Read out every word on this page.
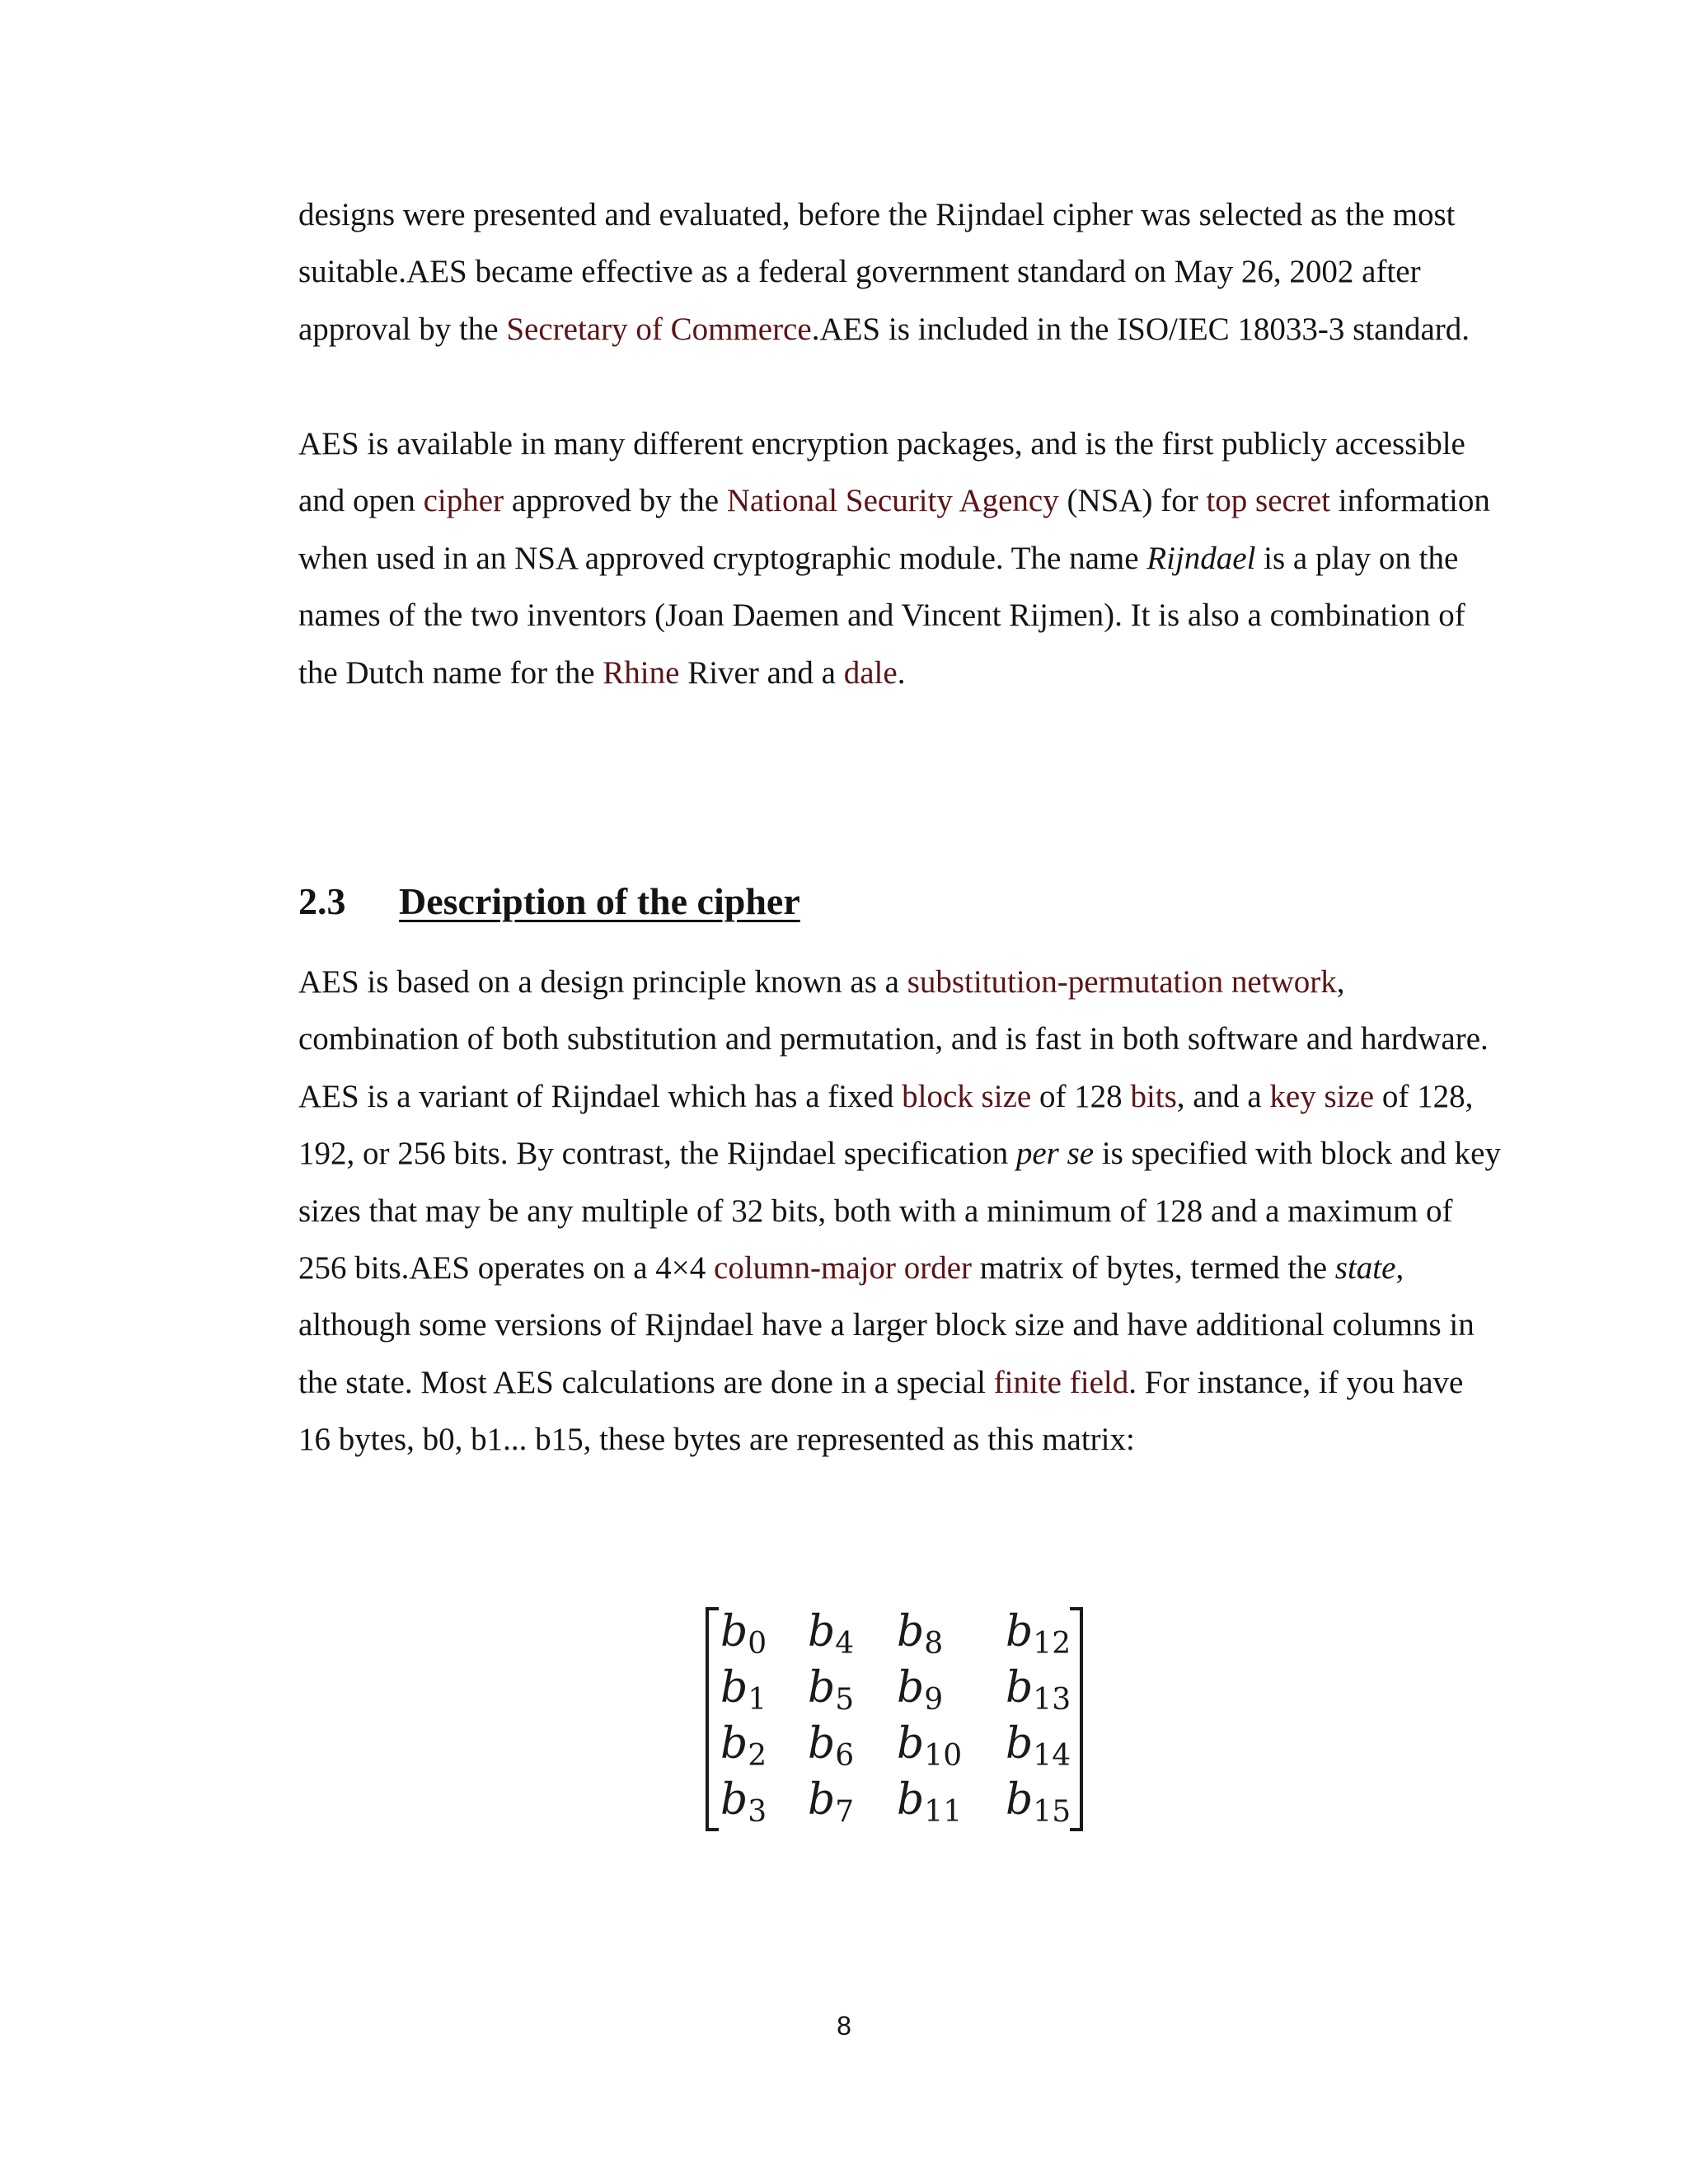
designs were presented and evaluated, before the Rijndael cipher was selected as the most suitable.AES became effective as a federal government standard on May 26, 2002 after approval by the Secretary of Commerce.AES is included in the ISO/IEC 18033-3 standard.

AES is available in many different encryption packages, and is the first publicly accessible and open cipher approved by the National Security Agency (NSA) for top secret information when used in an NSA approved cryptographic module. The name Rijndael is a play on the names of the two inventors (Joan Daemen and Vincent Rijmen). It is also a combination of the Dutch name for the Rhine River and a dale.

2.3 Description of the cipher

AES is based on a design principle known as a substitution-permutation network, combination of both substitution and permutation, and is fast in both software and hardware. AES is a variant of Rijndael which has a fixed block size of 128 bits, and a key size of 128, 192, or 256 bits. By contrast, the Rijndael specification per se is specified with block and key sizes that may be any multiple of 32 bits, both with a minimum of 128 and a maximum of 256 bits.AES operates on a 4×4 column-major order matrix of bytes, termed the state, although some versions of Rijndael have a larger block size and have additional columns in the state. Most AES calculations are done in a special finite field. For instance, if you have 16 bytes, b0, b1... b15, these bytes are represented as this matrix:

$b_0$ $b_4$ $b_8$ $b_{12}$
$b_1$ $b_5$ $b_9$ $b_{13}$
$b_2$ $b_6$ $b_{10}$ $b_{14}$
$b_3$ $b_7$ $b_{11}$ $b_{15}$
8
